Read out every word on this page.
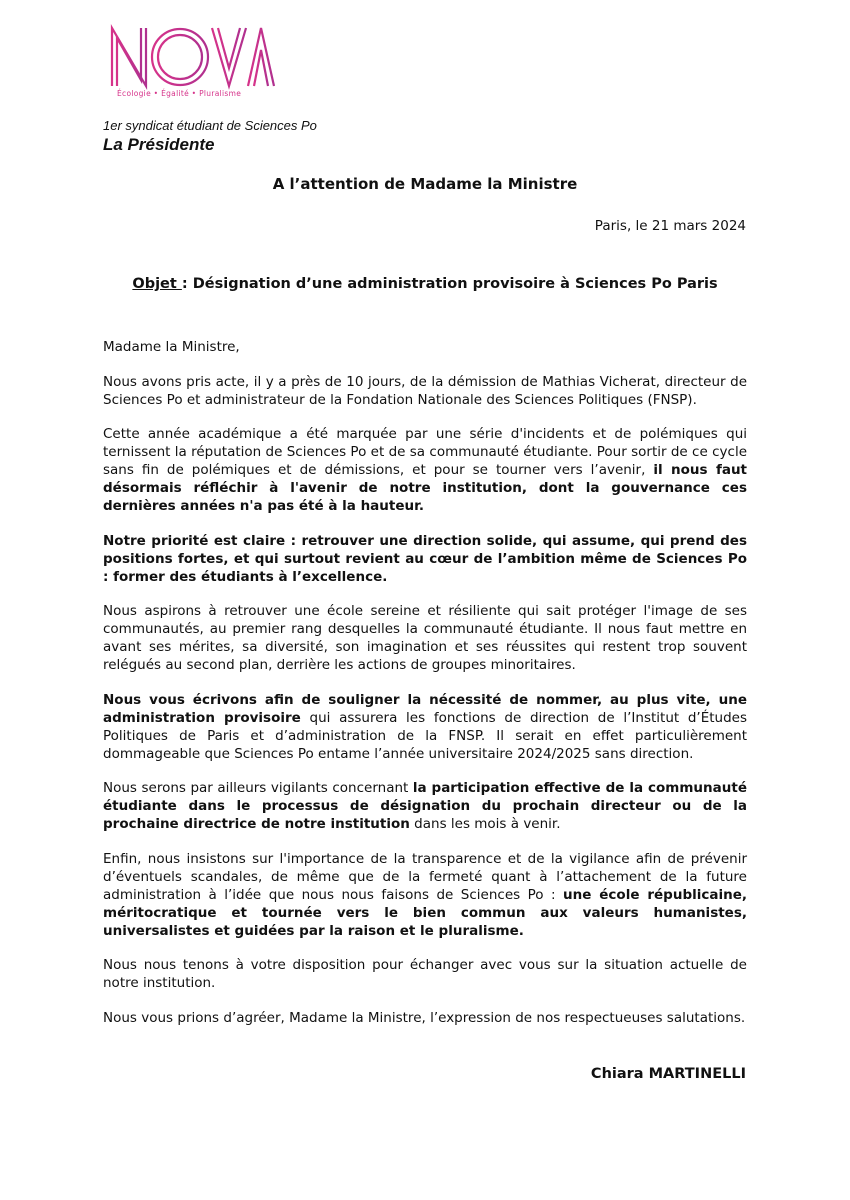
Écologie • Égalité • Pluralisme
1er syndicat étudiant de Sciences Po
La Présidente
A l’attention de Madame la Ministre
Paris, le 21 mars 2024
Objet : Désignation d’une administration provisoire à Sciences Po Paris

Madame la Ministre,

Nous avons pris acte, il y a près de 10 jours, de la démission de Mathias Vicherat, directeur de Sciences Po et administrateur de la Fondation Nationale des Sciences Politiques (FNSP).

Cette année académique a été marquée par une série d'incidents et de polémiques qui ternissent la réputation de Sciences Po et de sa communauté étudiante. Pour sortir de ce cycle sans fin de polémiques et de démissions, et pour se tourner vers l’avenir, il nous faut désormais réfléchir à l'avenir de notre institution, dont la gouvernance ces dernières années n'a pas été à la hauteur.

Notre priorité est claire : retrouver une direction solide, qui assume, qui prend des positions fortes, et qui surtout revient au cœur de l’ambition même de Sciences Po : former des étudiants à l’excellence.

Nous aspirons à retrouver une école sereine et résiliente qui sait protéger l'image de ses communautés, au premier rang desquelles la communauté étudiante. Il nous faut mettre en avant ses mérites, sa diversité, son imagination et ses réussites qui restent trop souvent relégués au second plan, derrière les actions de groupes minoritaires.

Nous vous écrivons afin de souligner la nécessité de nommer, au plus vite, une administration provisoire qui assurera les fonctions de direction de l’Institut d’Études Politiques de Paris et d’administration de la FNSP. Il serait en effet particulièrement dommageable que Sciences Po entame l’année universitaire 2024/2025 sans direction.

Nous serons par ailleurs vigilants concernant la participation effective de la communauté étudiante dans le processus de désignation du prochain directeur ou de la prochaine directrice de notre institution dans les mois à venir.

Enfin, nous insistons sur l'importance de la transparence et de la vigilance afin de prévenir d’éventuels scandales, de même que de la fermeté quant à l’attachement de la future administration à l’idée que nous nous faisons de Sciences Po : une école républicaine, méritocratique et tournée vers le bien commun aux valeurs humanistes, universalistes et guidées par la raison et le pluralisme.

Nous nous tenons à votre disposition pour échanger avec vous sur la situation actuelle de notre institution.

Nous vous prions d’agréer, Madame la Ministre, l’expression de nos respectueuses salutations.

Chiara MARTINELLI
